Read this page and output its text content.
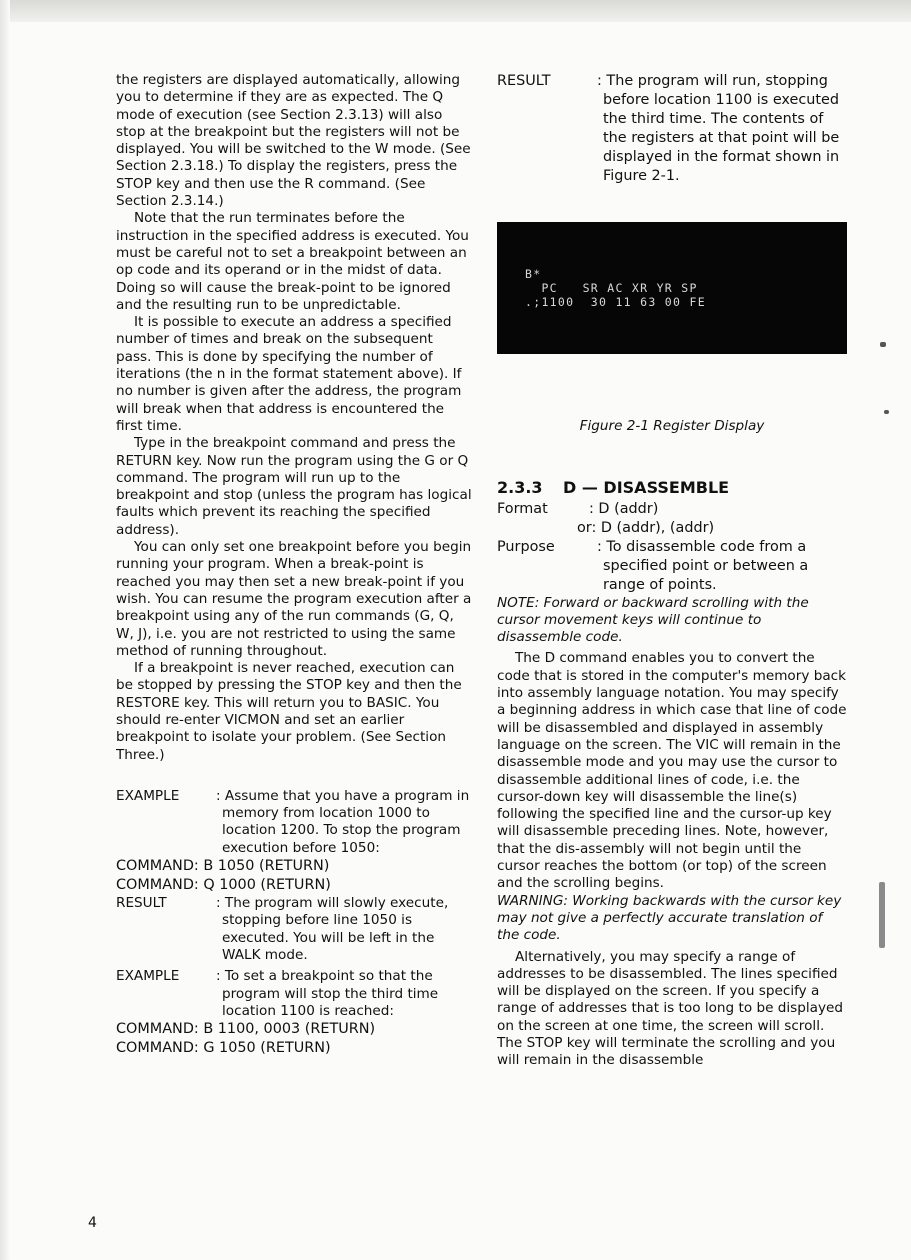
the registers are displayed automatically, allowing you to determine if they are as expected. The Q mode of execution (see Section 2.3.13) will also stop at the breakpoint but the registers will not be displayed. You will be switched to the W mode. (See Section 2.3.18.) To display the registers, press the STOP key and then use the R command. (See Section 2.3.14.)

Note that the run terminates before the instruction in the specified address is executed. You must be careful not to set a breakpoint between an op code and its operand or in the midst of data. Doing so will cause the break-point to be ignored and the resulting run to be unpredictable.

It is possible to execute an address a specified number of times and break on the subsequent pass. This is done by specifying the number of iterations (the n in the format statement above). If no number is given after the address, the program will break when that address is encountered the first time.

Type in the breakpoint command and press the RETURN key. Now run the program using the G or Q command. The program will run up to the breakpoint and stop (unless the program has logical faults which prevent its reaching the specified address).

You can only set one breakpoint before you begin running your program. When a break-point is reached you may then set a new break-point if you wish. You can resume the program execution after a breakpoint using any of the run commands (G, Q, W, J), i.e. you are not restricted to using the same method of running throughout.

If a breakpoint is never reached, execution can be stopped by pressing the STOP key and then the RESTORE key. This will return you to BASIC. You should re-enter VICMON and set an earlier breakpoint to isolate your problem. (See Section Three.)

EXAMPLE	: Assume that you have a program in memory from location 1000 to location 1200. To stop the program execution before 1050:

COMMAND: B 1050 (RETURN)

COMMAND: Q 1000 (RETURN)

RESULT	: The program will slowly execute, stopping before line 1050 is executed. You will be left in the WALK mode.
EXAMPLE	: To set a breakpoint so that the program will stop the third time location 1100 is reached:

COMMAND: B 1100, 0003 (RETURN)

COMMAND: G 1050 (RETURN)

4
RESULT	: The program will run, stopping before location 1100 is executed the third time. The contents of the registers at that point will be displayed in the format shown in Figure 2-1.
B*
PC   SR AC XR YR SP
.;1100  30 11 63 00 FE

Figure 2-1 Register Display

2.3.3	D — DISASSEMBLE
Format	: D (addr)

or: D (addr), (addr)

Purpose	: To disassemble code from a specified point or between a range of points.

NOTE: Forward or backward scrolling with the cursor movement keys will continue to disassemble code.

The D command enables you to convert the code that is stored in the computer's memory back into assembly language notation. You may specify a beginning address in which case that line of code will be disassembled and displayed in assembly language on the screen. The VIC will remain in the disassemble mode and you may use the cursor to disassemble additional lines of code, i.e. the cursor-down key will disassemble the line(s) following the specified line and the cursor-up key will disassemble preceding lines. Note, however, that the dis-assembly will not begin until the cursor reaches the bottom (or top) of the screen and the scrolling begins.

WARNING: Working backwards with the cursor key may not give a perfectly accurate translation of the code.

Alternatively, you may specify a range of addresses to be disassembled. The lines specified will be displayed on the screen. If you specify a range of addresses that is too long to be displayed on the screen at one time, the screen will scroll. The STOP key will terminate the scrolling and you will remain in the disassemble
